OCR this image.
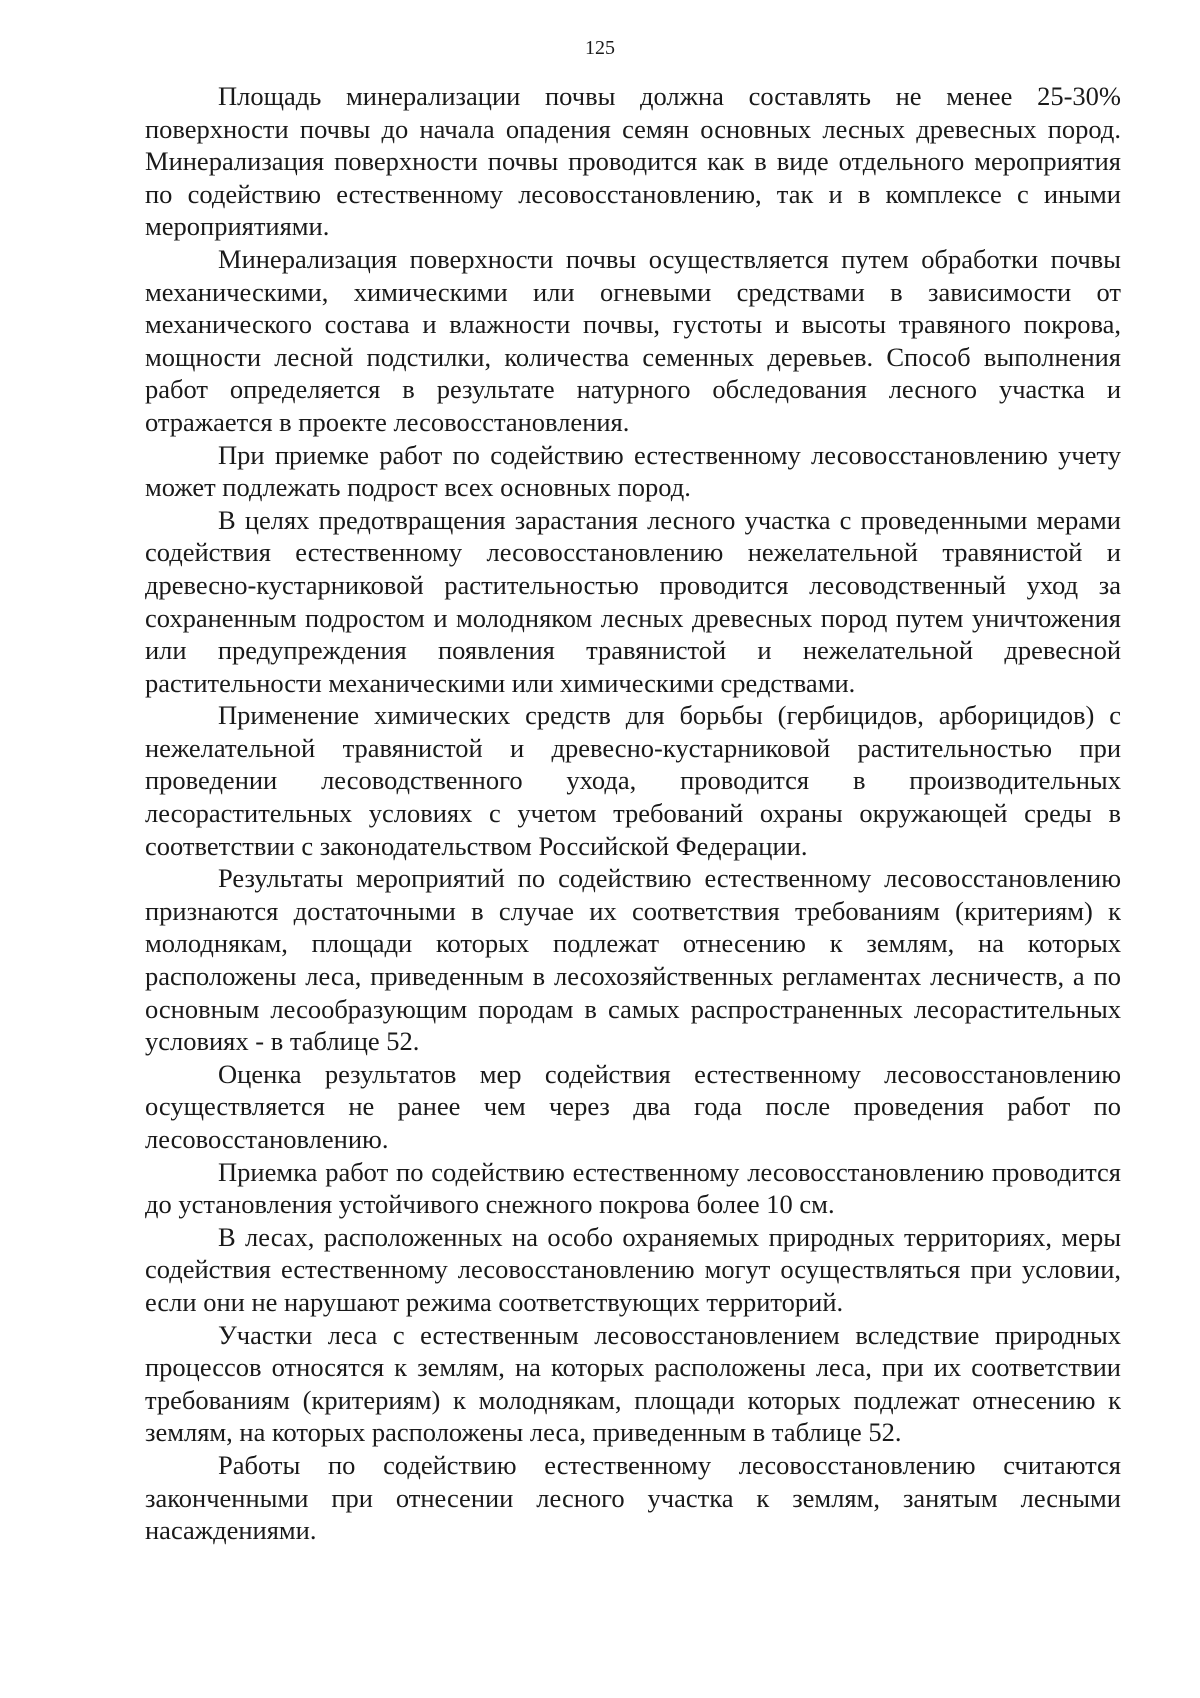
125

Площадь минерализации почвы должна составлять не менее 25-30% поверхности почвы до начала опадения семян основных лесных древесных пород. Минерализация поверхности почвы проводится как в виде отдельного мероприятия по содействию естественному лесовосстановлению, так и в комплексе с иными мероприятиями.

Минерализация поверхности почвы осуществляется путем обработки почвы механическими, химическими или огневыми средствами в зависимости от механического состава и влажности почвы, густоты и высоты травяного покрова, мощности лесной подстилки, количества семенных деревьев. Способ выполнения работ определяется в результате натурного обследования лесного участка и отражается в проекте лесовосстановления.

При приемке работ по содействию естественному лесовосстановлению учету может подлежать подрост всех основных пород.

В целях предотвращения зарастания лесного участка с проведенными мерами содействия естественному лесовосстановлению нежелательной травянистой и древесно-кустарниковой растительностью проводится лесоводственный уход за сохраненным подростом и молодняком лесных древесных пород путем уничтожения или предупреждения появления травянистой и нежелательной древесной растительности механическими или химическими средствами.

Применение химических средств для борьбы (гербицидов, арборицидов) с нежелательной травянистой и древесно-кустарниковой растительностью при проведении лесоводственного ухода, проводится в производительных лесорастительных условиях с учетом требований охраны окружающей среды в соответствии с законодательством Российской Федерации.

Результаты мероприятий по содействию естественному лесовосстановлению признаются достаточными в случае их соответствия требованиям (критериям) к молоднякам, площади которых подлежат отнесению к землям, на которых расположены леса, приведенным в лесохозяйственных регламентах лесничеств, а по основным лесообразующим породам в самых распространенных лесорастительных условиях - в таблице 52.

Оценка результатов мер содействия естественному лесовосстановлению осуществляется не ранее чем через два года после проведения работ по лесовосстановлению.

Приемка работ по содействию естественному лесовосстановлению проводится до установления устойчивого снежного покрова более 10 см.

В лесах, расположенных на особо охраняемых природных территориях, меры содействия естественному лесовосстановлению могут осуществляться при условии, если они не нарушают режима соответствующих территорий.

Участки леса с естественным лесовосстановлением вследствие природных процессов относятся к землям, на которых расположены леса, при их соответствии требованиям (критериям) к молоднякам, площади которых подлежат отнесению к землям, на которых расположены леса, приведенным в таблице 52.

Работы по содействию естественному лесовосстановлению считаются законченными при отнесении лесного участка к землям, занятым лесными насаждениями.
